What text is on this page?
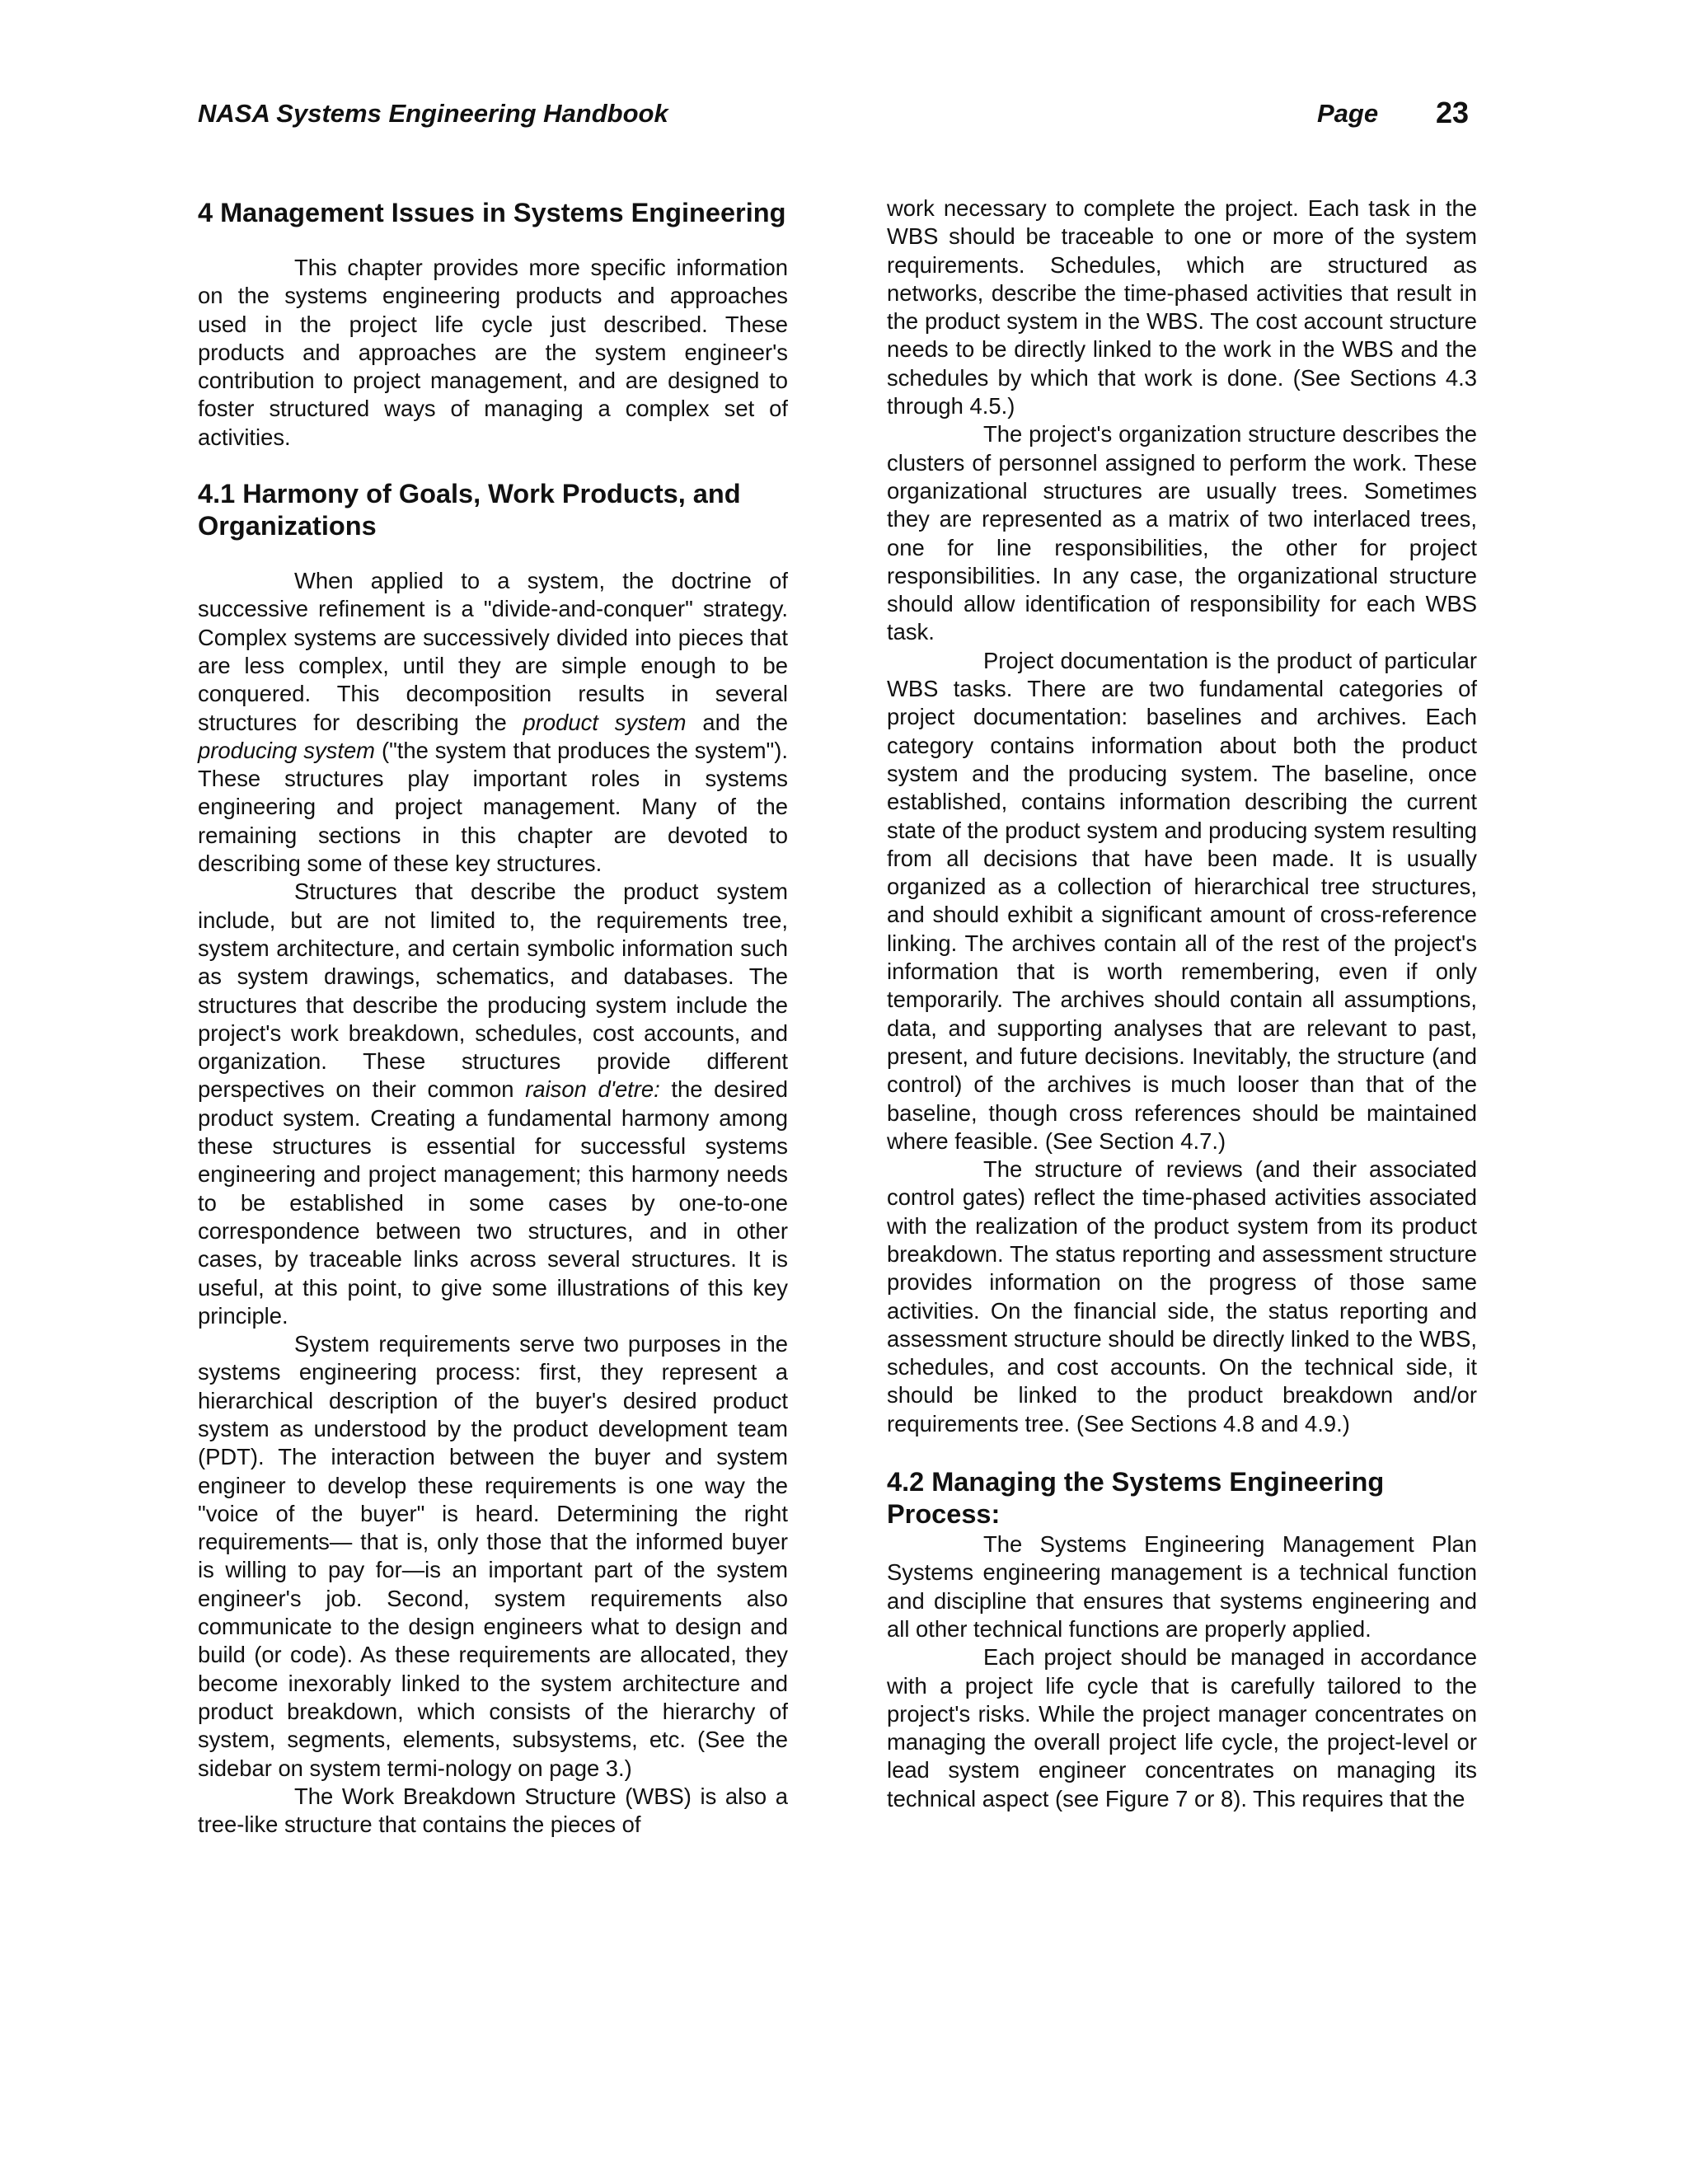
NASA Systems Engineering Handbook	Page 23
4 Management Issues in Systems Engineering

This chapter provides more specific information on the systems engineering products and approaches used in the project life cycle just described. These products and approaches are the system engineer's contribution to project management, and are designed to foster structured ways of managing a complex set of activities.

4.1 Harmony of Goals, Work Products, and Organizations

When applied to a system, the doctrine of successive refinement is a "divide-and-conquer" strategy. Complex systems are successively divided into pieces that are less complex, until they are simple enough to be conquered. This decomposition results in several structures for describing the product system and the producing system ("the system that produces the system"). These structures play important roles in systems engineering and project management. Many of the remaining sections in this chapter are devoted to describing some of these key structures.

Structures that describe the product system include, but are not limited to, the requirements tree, system architecture, and certain symbolic information such as system drawings, schematics, and databases. The structures that describe the producing system include the project's work breakdown, schedules, cost accounts, and organization. These structures provide different perspectives on their common raison d'etre: the desired product system. Creating a fundamental harmony among these structures is essential for successful systems engineering and project management; this harmony needs to be established in some cases by one-to-one correspondence between two structures, and in other cases, by traceable links across several structures. It is useful, at this point, to give some illustrations of this key principle.

System requirements serve two purposes in the systems engineering process: first, they represent a hierarchical description of the buyer's desired product system as understood by the product development team (PDT). The interaction between the buyer and system engineer to develop these requirements is one way the "voice of the buyer" is heard. Determining the right requirements— that is, only those that the informed buyer is willing to pay for—is an important part of the system engineer's job. Second, system requirements also communicate to the design engineers what to design and build (or code). As these requirements are allocated, they become inexorably linked to the system architecture and product breakdown, which consists of the hierarchy of system, segments, elements, subsystems, etc. (See the sidebar on system termi-nology on page 3.)

The Work Breakdown Structure (WBS) is also a tree-like structure that contains the pieces of

work necessary to complete the project. Each task in the WBS should be traceable to one or more of the system requirements. Schedules, which are structured as networks, describe the time-phased activities that result in the product system in the WBS. The cost account structure needs to be directly linked to the work in the WBS and the schedules by which that work is done. (See Sections 4.3 through 4.5.)

The project's organization structure describes the clusters of personnel assigned to perform the work. These organizational structures are usually trees. Sometimes they are represented as a matrix of two interlaced trees, one for line responsibilities, the other for project responsibilities. In any case, the organizational structure should allow identification of responsibility for each WBS task.

Project documentation is the product of particular WBS tasks. There are two fundamental categories of project documentation: baselines and archives. Each category contains information about both the product system and the producing system. The baseline, once established, contains information describing the current state of the product system and producing system resulting from all decisions that have been made. It is usually organized as a collection of hierarchical tree structures, and should exhibit a significant amount of cross-reference linking. The archives contain all of the rest of the project's information that is worth remembering, even if only temporarily. The archives should contain all assumptions, data, and supporting analyses that are relevant to past, present, and future decisions. Inevitably, the structure (and control) of the archives is much looser than that of the baseline, though cross references should be maintained where feasible. (See Section 4.7.)

The structure of reviews (and their associated control gates) reflect the time-phased activities associated with the realization of the product system from its product breakdown. The status reporting and assessment structure provides information on the progress of those same activities. On the financial side, the status reporting and assessment structure should be directly linked to the WBS, schedules, and cost accounts. On the technical side, it should be linked to the product breakdown and/or requirements tree. (See Sections 4.8 and 4.9.)

4.2 Managing the Systems Engineering Process:

The Systems Engineering Management Plan Systems engineering management is a technical function and discipline that ensures that systems engineering and all other technical functions are properly applied.

Each project should be managed in accordance with a project life cycle that is carefully tailored to the project's risks. While the project manager concentrates on managing the overall project life cycle, the project-level or lead system engineer concentrates on managing its technical aspect (see Figure 7 or 8). This requires that the
